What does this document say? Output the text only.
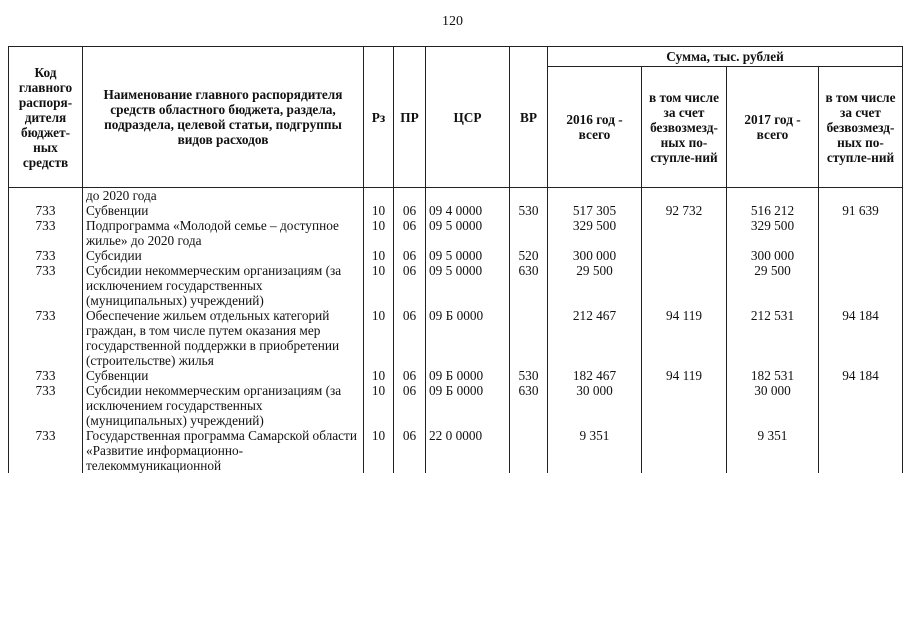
120
Код главного распоря-дителя бюджет-ных средств	Наименование главного распорядителя средств областного бюджета, раздела, подраздела, целевой статьи, подгруппы видов расходов	Рз	ПР	ЦСР	ВР	Сумма, тыс. рублей			
						2016 год - всего	в том числе за счет безвозмезд-ных по-ступле-ний	2017 год - всего	в том числе за счет безвозмезд-ных по-ступле-ний
	до 2020 года								
733	Субвенции	10	06	09 4 0000	530	517 305	92 732	516 212	91 639
733	Подпрограмма «Молодой семье – доступное жилье» до 2020 года	10	06	09 5 0000		329 500		329 500	
733	Субсидии	10	06	09 5 0000	520	300 000		300 000	
733	Субсидии некоммерческим организациям (за исключением государственных (муниципальных) учреждений)	10	06	09 5 0000	630	29 500		29 500	
733	Обеспечение жильем отдельных категорий граждан, в том числе путем оказания мер государственной поддержки в приобретении (строительстве) жилья	10	06	09 Б 0000		212 467	94 119	212 531	94 184
733	Субвенции	10	06	09 Б 0000	530	182 467	94 119	182 531	94 184
733	Субсидии некоммерческим организациям (за исключением государственных (муниципальных) учреждений)	10	06	09 Б 0000	630	30 000		30 000	
733	Государственная программа Самарской области «Развитие информационно-телекоммуникационной	10	06	22 0 0000		9 351		9 351	
